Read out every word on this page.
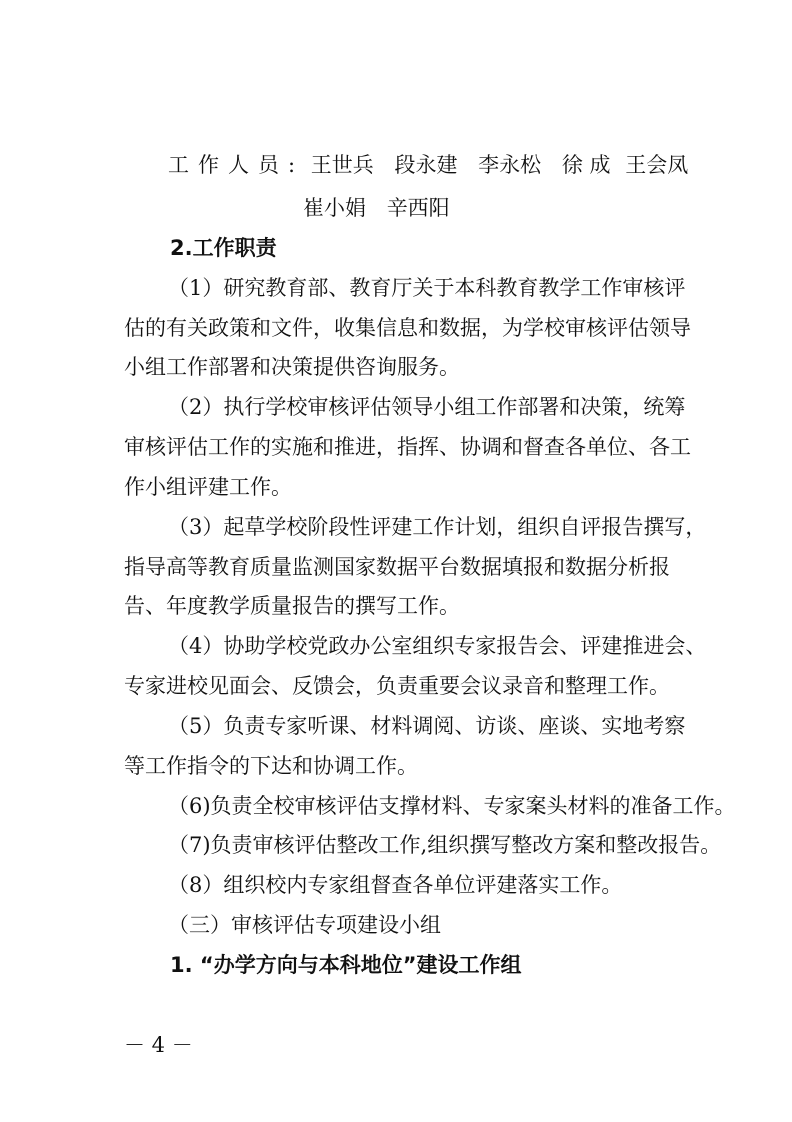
工作人员: 王世兵 段永建 李永松 徐 成 王会凤
崔小娟 辛西阳
2.工作职责
（1）研究教育部、教育厅关于本科教育教学工作审核评
估的有关政策和文件，收集信息和数据，为学校审核评估领导
小组工作部署和决策提供咨询服务。
（2）执行学校审核评估领导小组工作部署和决策，统筹
审核评估工作的实施和推进，指挥、协调和督查各单位、各工
作小组评建工作。
（3）起草学校阶段性评建工作计划，组织自评报告撰写，
指导高等教育质量监测国家数据平台数据填报和数据分析报
告、年度教学质量报告的撰写工作。
（4）协助学校党政办公室组织专家报告会、评建推进会、
专家进校见面会、反馈会，负责重要会议录音和整理工作。
（5）负责专家听课、材料调阅、访谈、座谈、实地考察
等工作指令的下达和协调工作。
（6)负责全校审核评估支撑材料、专家案头材料的准备工作。
（7)负责审核评估整改工作,组织撰写整改方案和整改报告。
（8）组织校内专家组督查各单位评建落实工作。
（三）审核评估专项建设小组
1. “办学方向与本科地位”建设工作组
－ 4 －
